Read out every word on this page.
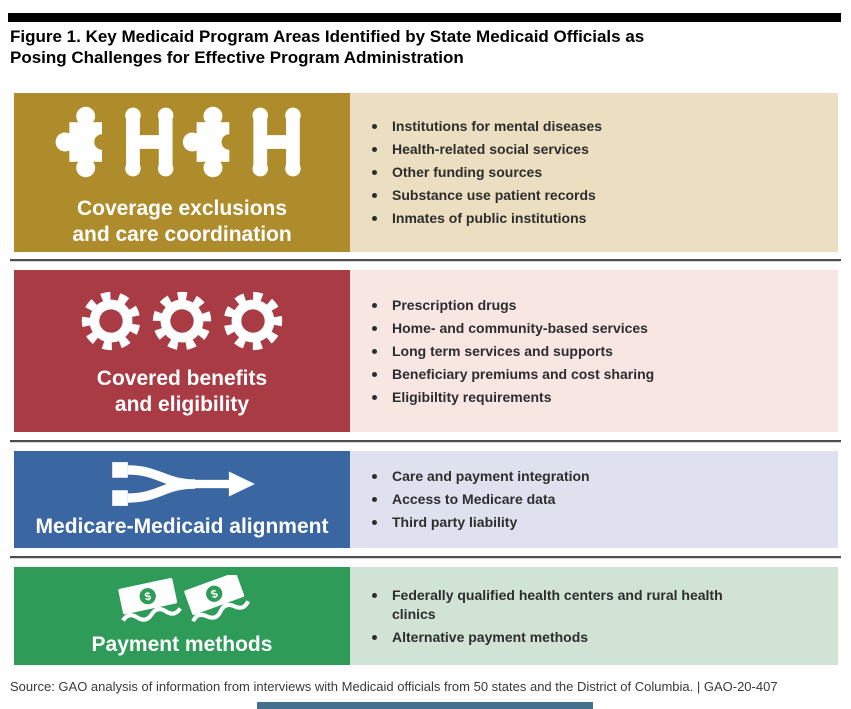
Figure 1. Key Medicaid Program Areas Identified by State Medicaid Officials as
Posing Challenges for Effective Program Administration
Coverage exclusions
and care coordination
Institutions for mental diseases
Health-related social services
Other funding sources
Substance use patient records
Inmates of public institutions
Covered benefits
and eligibility
Prescription drugs
Home- and community-based services
Long term services and supports
Beneficiary premiums and cost sharing
Eligibiltity requirements
Medicare-Medicaid alignment
Care and payment integration
Access to Medicare data
Third party liability
$	$
Payment methods
Federally qualified health centers and rural health clinics
Alternative payment methods
Source: GAO analysis of information from interviews with Medicaid officials from 50 states and the District of Columbia. | GAO-20-407
